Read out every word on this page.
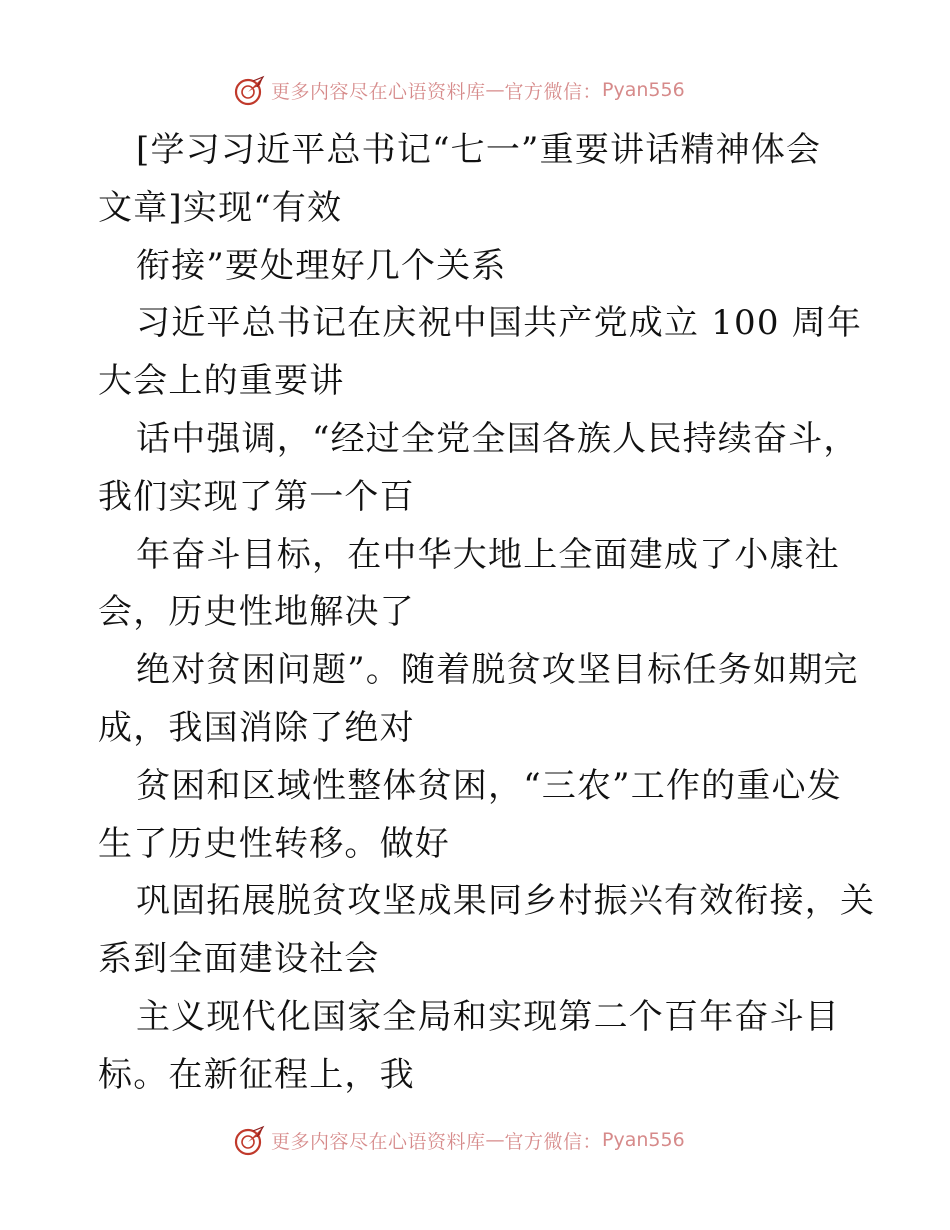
更多内容尽在心语资料库 — 官方微信： Pyan556
[学习习近平总书记“七一”重要讲话精神体会
文章]实现“有效
衔接”要处理好几个关系
习近平总书记在庆祝中国共产党成立 100 周年
大会上的重要讲
话中强调，“经过全党全国各族人民持续奋斗，
我们实现了第一个百
年奋斗目标，在中华大地上全面建成了小康社
会，历史性地解决了
绝对贫困问题”。随着脱贫攻坚目标任务如期完
成，我国消除了绝对
贫困和区域性整体贫困，“三农”工作的重心发
生了历史性转移。做好
巩固拓展脱贫攻坚成果同乡村振兴有效衔接，关
系到全面建设社会
主义现代化国家全局和实现第二个百年奋斗目
标。在新征程上，我
更多内容尽在心语资料库 — 官方微信： Pyan556
